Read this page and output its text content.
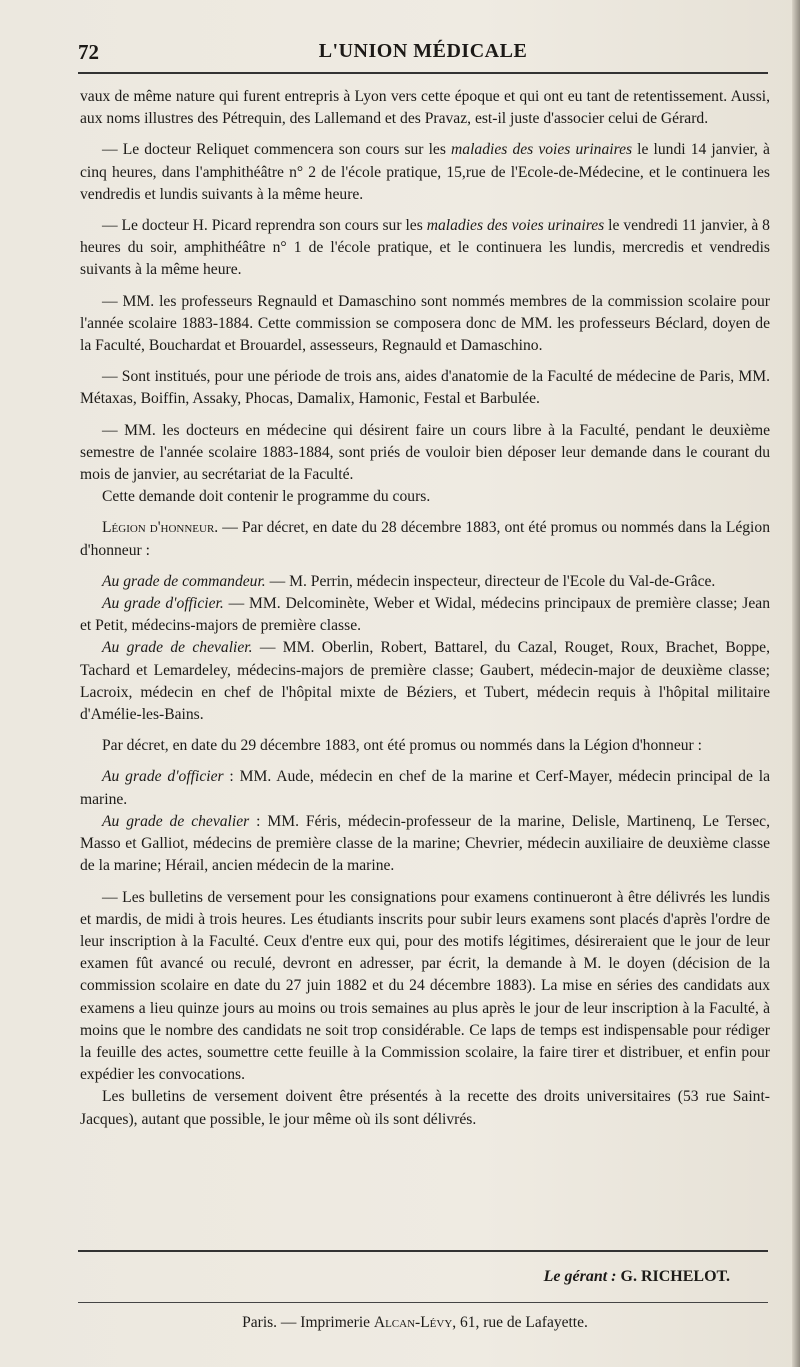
72	L'UNION MÉDICALE

vaux de même nature qui furent entrepris à Lyon vers cette époque et qui ont eu tant de retentissement. Aussi, aux noms illustres des Pétrequin, des Lallemand et des Pravaz, est-il juste d'associer celui de Gérard.

— Le docteur Reliquet commencera son cours sur les maladies des voies urinaires le lundi 14 janvier, à cinq heures, dans l'amphithéâtre n° 2 de l'école pratique, 15,rue de l'Ecole-de-Médecine, et le continuera les vendredis et lundis suivants à la même heure.

— Le docteur H. Picard reprendra son cours sur les maladies des voies urinaires le vendredi 11 janvier, à 8 heures du soir, amphithéâtre n° 1 de l'école pratique, et le continuera les lundis, mercredis et vendredis suivants à la même heure.

— MM. les professeurs Regnauld et Damaschino sont nommés membres de la commission scolaire pour l'année scolaire 1883-1884. Cette commission se composera donc de MM. les professeurs Béclard, doyen de la Faculté, Bouchardat et Brouardel, assesseurs, Regnauld et Damaschino.

— Sont institués, pour une période de trois ans, aides d'anatomie de la Faculté de médecine de Paris, MM. Métaxas, Boiffin, Assaky, Phocas, Damalix, Hamonic, Festal et Barbulée.

— MM. les docteurs en médecine qui désirent faire un cours libre à la Faculté, pendant le deuxième semestre de l'année scolaire 1883-1884, sont priés de vouloir bien déposer leur demande dans le courant du mois de janvier, au secrétariat de la Faculté.

Cette demande doit contenir le programme du cours.

Légion d'honneur. — Par décret, en date du 28 décembre 1883, ont été promus ou nommés dans la Légion d'honneur :

Au grade de commandeur. — M. Perrin, médecin inspecteur, directeur de l'Ecole du Val-de-Grâce.

Au grade d'officier. — MM. Delcominète, Weber et Widal, médecins principaux de première classe; Jean et Petit, médecins-majors de première classe.

Au grade de chevalier. — MM. Oberlin, Robert, Battarel, du Cazal, Rouget, Roux, Brachet, Boppe, Tachard et Lemardeley, médecins-majors de première classe; Gaubert, médecin-major de deuxième classe; Lacroix, médecin en chef de l'hôpital mixte de Béziers, et Tubert, médecin requis à l'hôpital militaire d'Amélie-les-Bains.

Par décret, en date du 29 décembre 1883, ont été promus ou nommés dans la Légion d'honneur :

Au grade d'officier : MM. Aude, médecin en chef de la marine et Cerf-Mayer, médecin principal de la marine.

Au grade de chevalier : MM. Féris, médecin-professeur de la marine, Delisle, Martinenq, Le Tersec, Masso et Galliot, médecins de première classe de la marine; Chevrier, médecin auxiliaire de deuxième classe de la marine; Hérail, ancien médecin de la marine.

— Les bulletins de versement pour les consignations pour examens continueront à être délivrés les lundis et mardis, de midi à trois heures. Les étudiants inscrits pour subir leurs examens sont placés d'après l'ordre de leur inscription à la Faculté. Ceux d'entre eux qui, pour des motifs légitimes, désireraient que le jour de leur examen fût avancé ou reculé, devront en adresser, par écrit, la demande à M. le doyen (décision de la commission scolaire en date du 27 juin 1882 et du 24 décembre 1883). La mise en séries des candidats aux examens a lieu quinze jours au moins ou trois semaines au plus après le jour de leur inscription à la Faculté, à moins que le nombre des candidats ne soit trop considérable. Ce laps de temps est indispensable pour rédiger la feuille des actes, soumettre cette feuille à la Commission scolaire, la faire tirer et distribuer, et enfin pour expédier les convocations.

Les bulletins de versement doivent être présentés à la recette des droits universitaires (53 rue Saint-Jacques), autant que possible, le jour même où ils sont délivrés.

Le gérant : G. RICHELOT.
Paris. — Imprimerie Alcan-Lévy, 61, rue de Lafayette.
